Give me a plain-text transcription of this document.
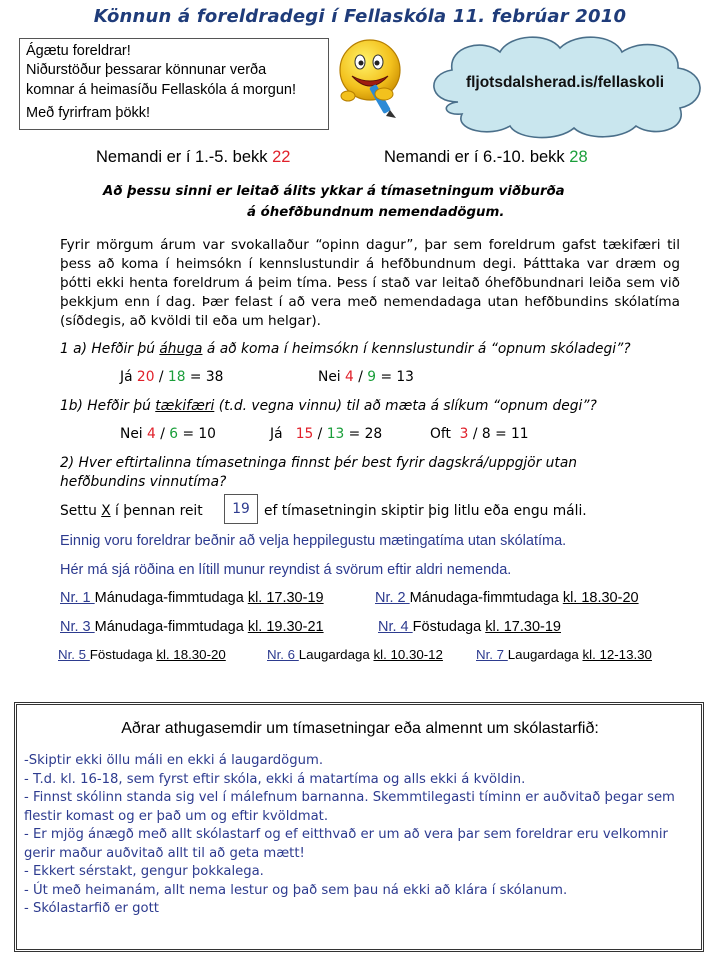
Könnun á foreldradegi í Fellaskóla 11. febrúar 2010
Ágætu foreldrar!
Niðurstöður þessarar könnunar verða
komnar á heimasíðu Fellaskóla á morgun!
Með fyrirfram þökk!
fljotsdalsherad.is/fellaskoli
Nemandi er í 1.-5. bekk 22	Nemandi er í 6.-10. bekk 28
Að þessu sinni er leitað álits ykkar á tímasetningum viðburða
á óhefðbundnum nemendadögum.
Fyrir mörgum árum var svokallaður “opinn dagur”, þar sem foreldrum gafst tækifæri til þess að koma í heimsókn í kennslustundir á hefðbundnum degi. Þátttaka var dræm og þótti ekki henta foreldrum á þeim tíma. Þess í stað var leitað óhefðbundnari leiða sem við þekkjum enn í dag. Þær felast í að vera með nemendadaga utan hefðbundins skólatíma (síðdegis, að kvöldi til eða um helgar).
1 a) Hefðir þú áhuga á að koma í heimsókn í kennslustundir á “opnum skóladegi”?
Já 20 / 18 = 38	Nei 4 / 9 = 13
1b) Hefðir þú tækifæri (t.d. vegna vinnu) til að mæta á slíkum “opnum degi”?
Nei 4 / 6 = 10	Já 15 / 13 = 28	Oft 3 / 8 = 11
2) Hver eftirtalinna tímasetninga finnst þér best fyrir dagskrá/uppgjör utan
hefðbundins vinnutíma?
Settu X í þennan reit	19	ef tímasetningin skiptir þig litlu eða engu máli.
Einnig voru foreldrar beðnir að velja heppilegustu mætingatíma utan skólatíma.
Hér má sjá röðina en lítill munur reyndist á svörum eftir aldri nemenda.
Nr. 1 Mánudaga-fimmtudaga kl. 17.30-19	Nr. 2 Mánudaga-fimmtudaga kl. 18.30-20
Nr. 3 Mánudaga-fimmtudaga kl. 19.30-21	Nr. 4 Föstudaga kl. 17.30-19
Nr. 5 Föstudaga kl. 18.30-20	Nr. 6 Laugardaga kl. 10.30-12 Nr. 7 Laugardaga kl. 12-13.30
Aðrar athugasemdir um tímasetningar eða almennt um skólastarfið:
-Skiptir ekki öllu máli en ekki á laugardögum.
- T.d. kl. 16-18, sem fyrst eftir skóla, ekki á matartíma og alls ekki á kvöldin.
- Finnst skólinn standa sig vel í málefnum barnanna. Skemmtilegasti tíminn er auðvitað þegar sem flestir komast og er það um og eftir kvöldmat.
- Er mjög ánægð með allt skólastarf og ef eitthvað er um að vera þar sem foreldrar eru velkomnir gerir maður auðvitað allt til að geta mætt!
- Ekkert sérstakt, gengur þokkalega.
- Út með heimanám, allt nema lestur og það sem þau ná ekki að klára í skólanum.
- Skólastarfið er gott
